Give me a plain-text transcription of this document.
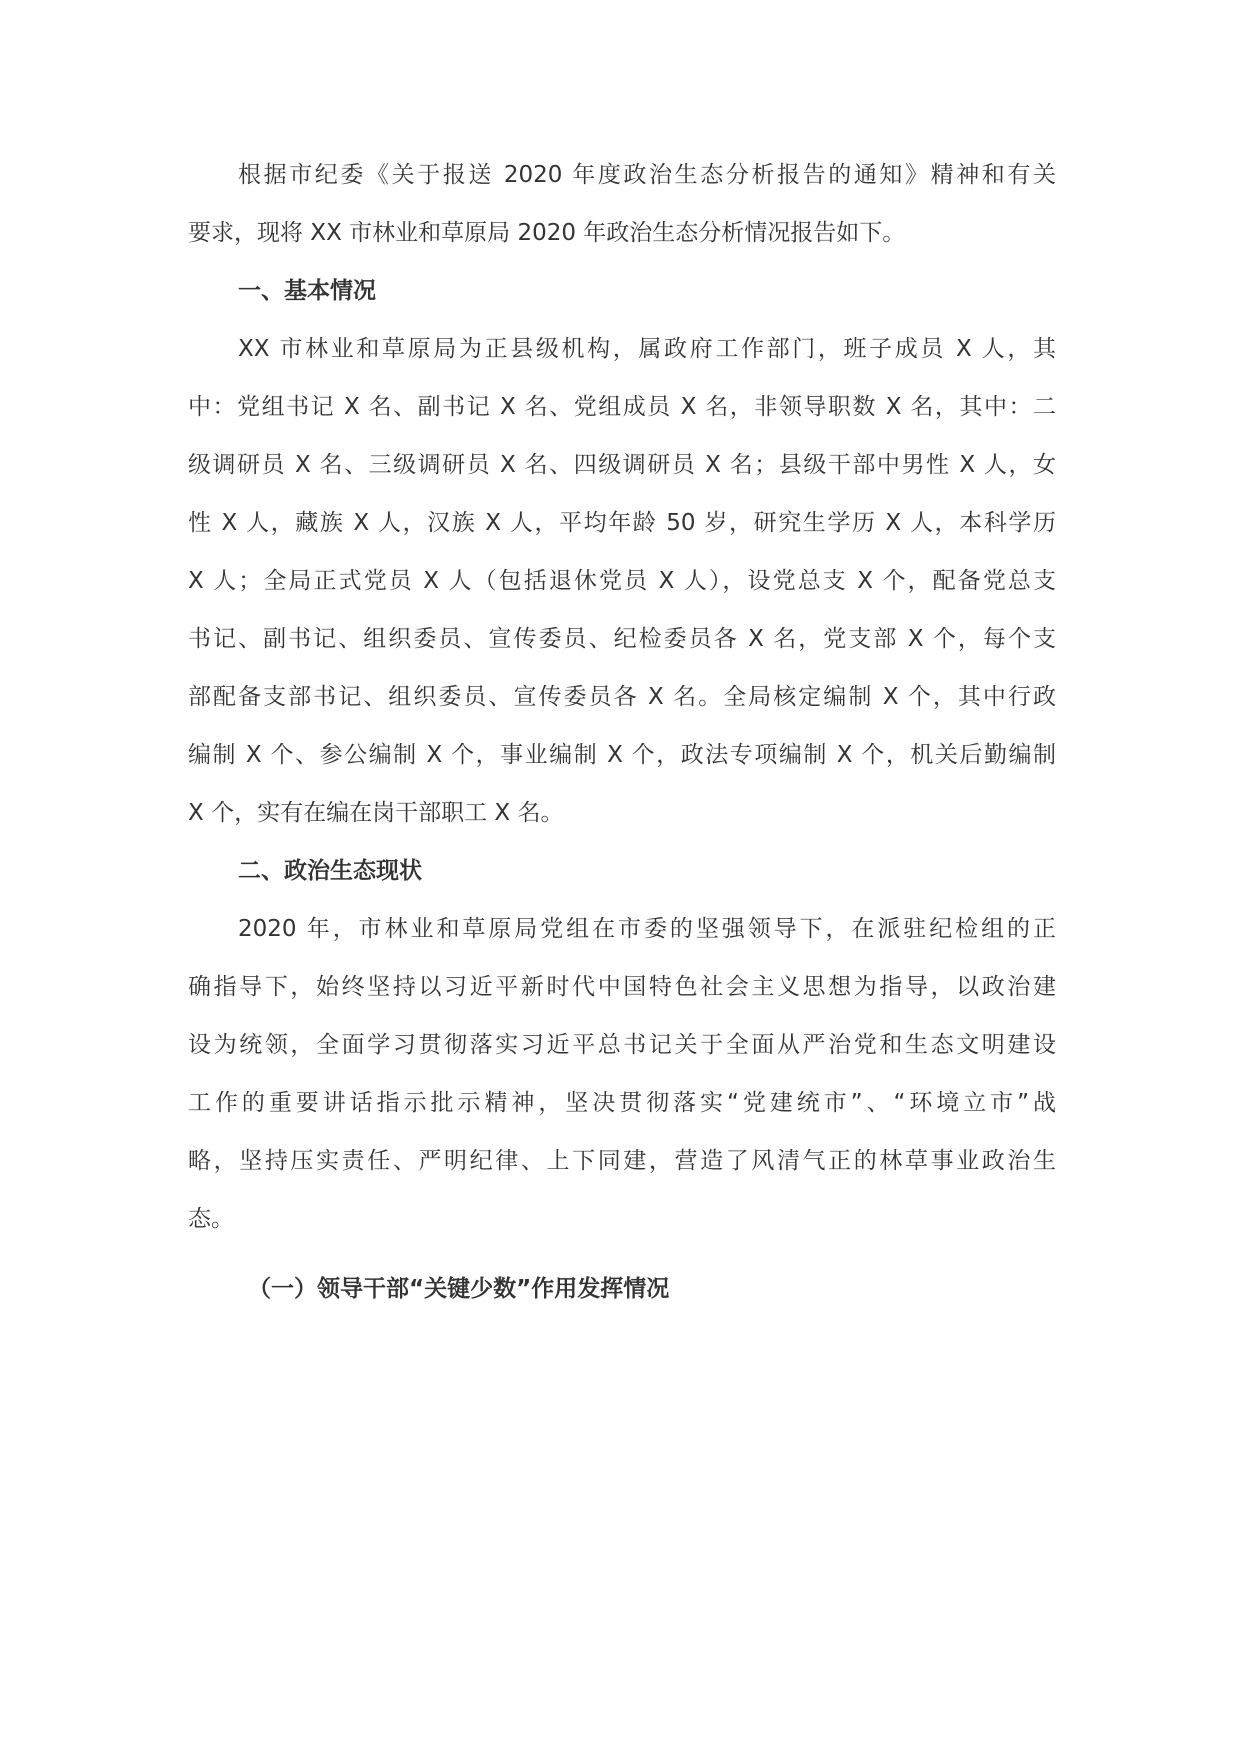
根据市纪委《关于报送 2020 年度政治生态分析报告的通知》精神和有关

要求，现将 XX 市林业和草原局 2020 年政治生态分析情况报告如下。

一、基本情况

XX 市林业和草原局为正县级机构，属政府工作部门，班子成员 X 人，其

中：党组书记 X 名、副书记 X 名、党组成员 X 名，非领导职数 X 名，其中：二

级调研员 X 名、三级调研员 X 名、四级调研员 X 名；县级干部中男性 X 人，女

性 X 人，藏族 X 人，汉族 X 人，平均年龄 50 岁，研究生学历 X 人，本科学历

X 人；全局正式党员 X 人（包括退休党员 X 人），设党总支 X 个，配备党总支

书记、副书记、组织委员、宣传委员、纪检委员各 X 名，党支部 X 个，每个支

部配备支部书记、组织委员、宣传委员各 X 名。全局核定编制 X 个，其中行政

编制 X 个、参公编制 X 个，事业编制 X 个，政法专项编制 X 个，机关后勤编制

X 个，实有在编在岗干部职工 X 名。

二、政治生态现状

2020 年，市林业和草原局党组在市委的坚强领导下，在派驻纪检组的正

确指导下，始终坚持以习近平新时代中国特色社会主义思想为指导，以政治建

设为统领，全面学习贯彻落实习近平总书记关于全面从严治党和生态文明建设

工作的重要讲话指示批示精神，坚决贯彻落实“党建统市”、“环境立市”战

略，坚持压实责任、严明纪律、上下同建，营造了风清气正的林草事业政治生

态。

（一）领导干部“关键少数”作用发挥情况
